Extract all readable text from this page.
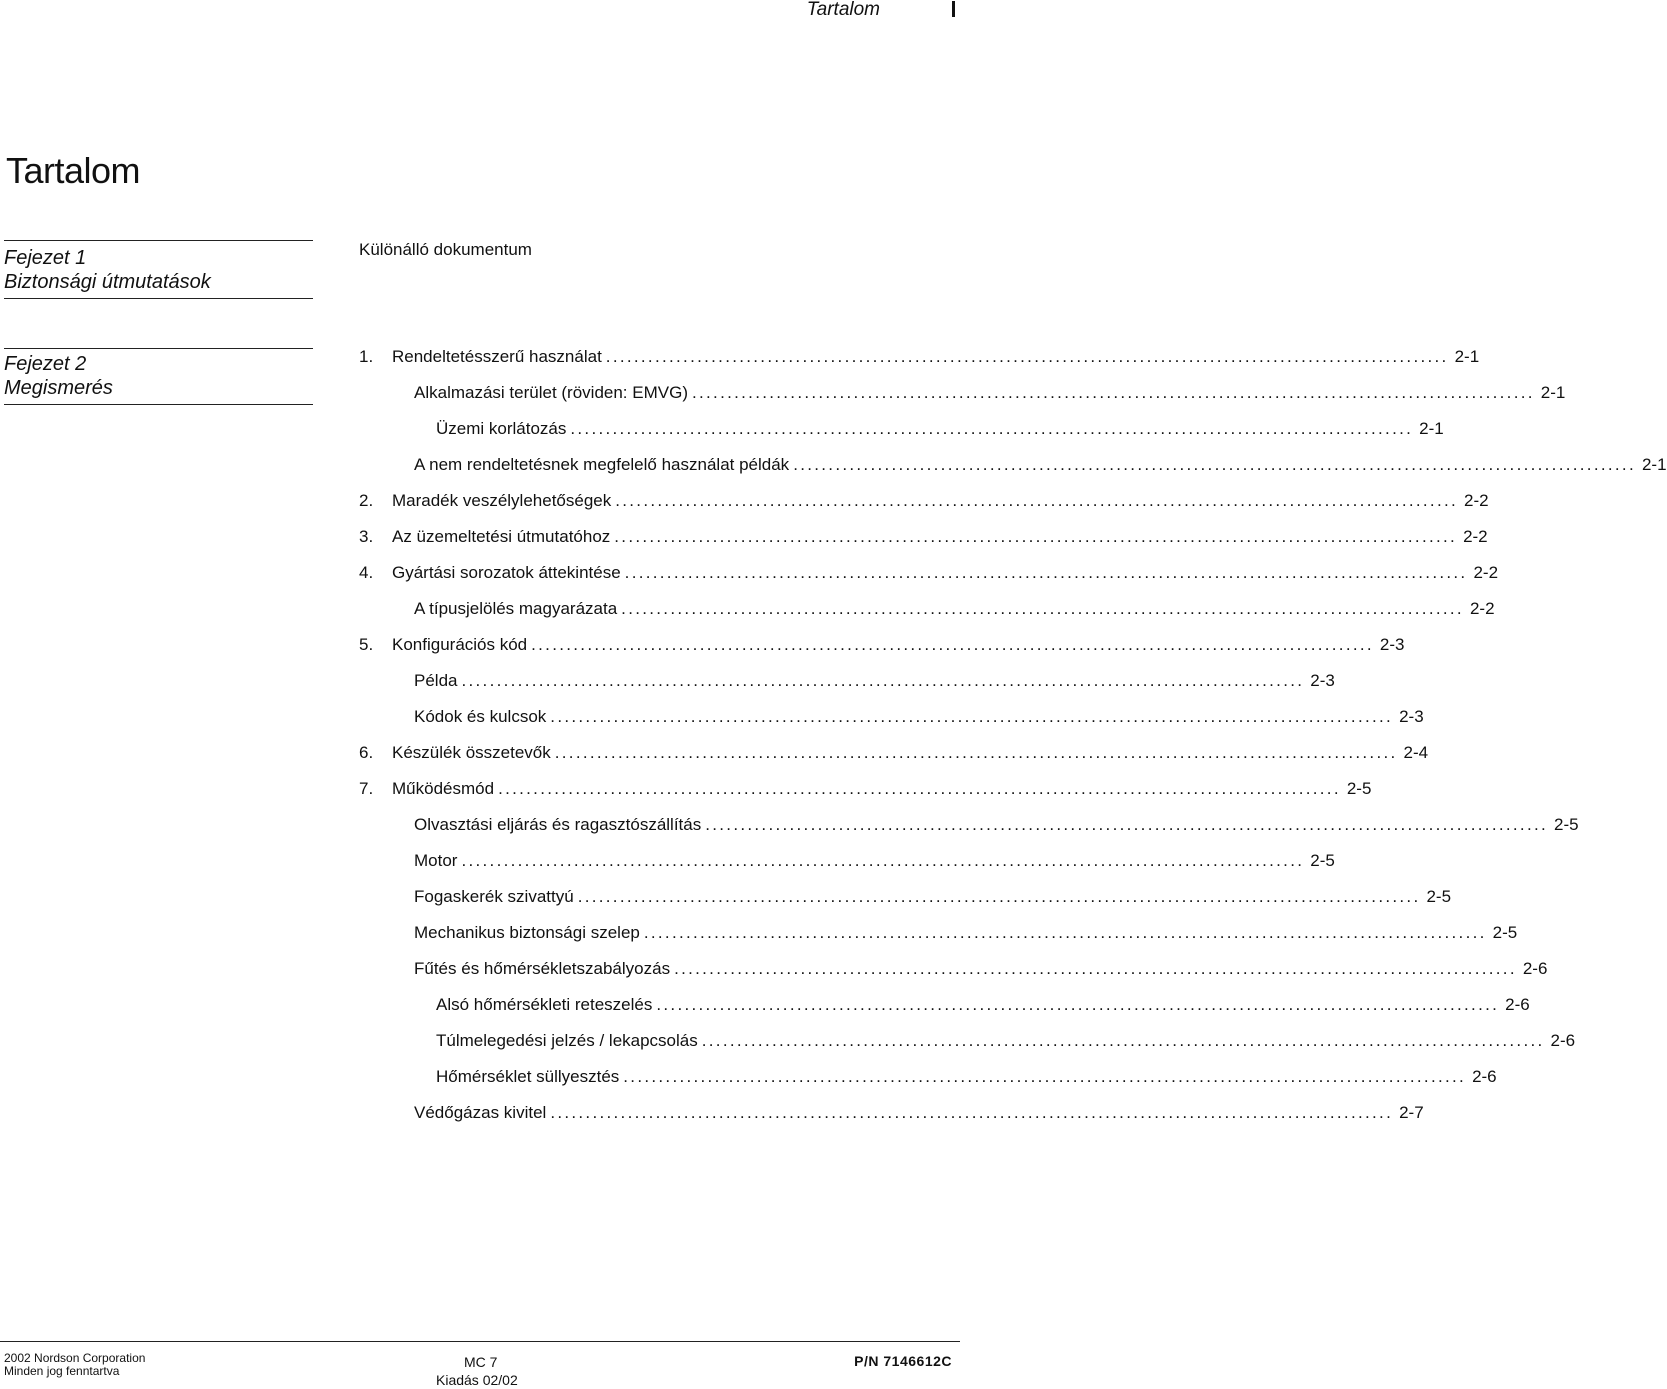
Tartalom
Tartalom
Fejezet 1
Biztonsági útmutatások
Különálló dokumentum
Fejezet 2
Megismerés
1.	Rendeltetésszerű használat ........................................................................................................................ 2-1
Alkalmazási terület (röviden: EMVG) ........................................................................................................................ 2-1
Üzemi korlátozás ........................................................................................................................ 2-1
A nem rendeltetésnek megfelelő használat példák ........................................................................................................................ 2-1
2.	Maradék veszélylehetőségek ........................................................................................................................ 2-2
3.	Az üzemeltetési útmutatóhoz ........................................................................................................................ 2-2
4.	Gyártási sorozatok áttekintése ........................................................................................................................ 2-2
A típusjelölés magyarázata ........................................................................................................................ 2-2
5.	Konfigurációs kód ........................................................................................................................ 2-3
Példa ........................................................................................................................ 2-3
Kódok és kulcsok ........................................................................................................................ 2-3
6.	Készülék összetevők ........................................................................................................................ 2-4
7.	Működésmód ........................................................................................................................ 2-5
Olvasztási eljárás és ragasztószállítás ........................................................................................................................ 2-5
Motor ........................................................................................................................ 2-5
Fogaskerék szivattyú ........................................................................................................................ 2-5
Mechanikus biztonsági szelep ........................................................................................................................ 2-5
Fűtés és hőmérsékletszabályozás ........................................................................................................................ 2-6
Alsó hőmérsékleti reteszelés ........................................................................................................................ 2-6
Túlmelegedési jelzés / lekapcsolás ........................................................................................................................ 2-6
Hőmérséklet süllyesztés ........................................................................................................................ 2-6
Védőgázas kivitel ........................................................................................................................ 2-7
2002 Nordson Corporation
Minden jog fenntartva
MC 7
Kiadás 02/02
P/N 7146612C
